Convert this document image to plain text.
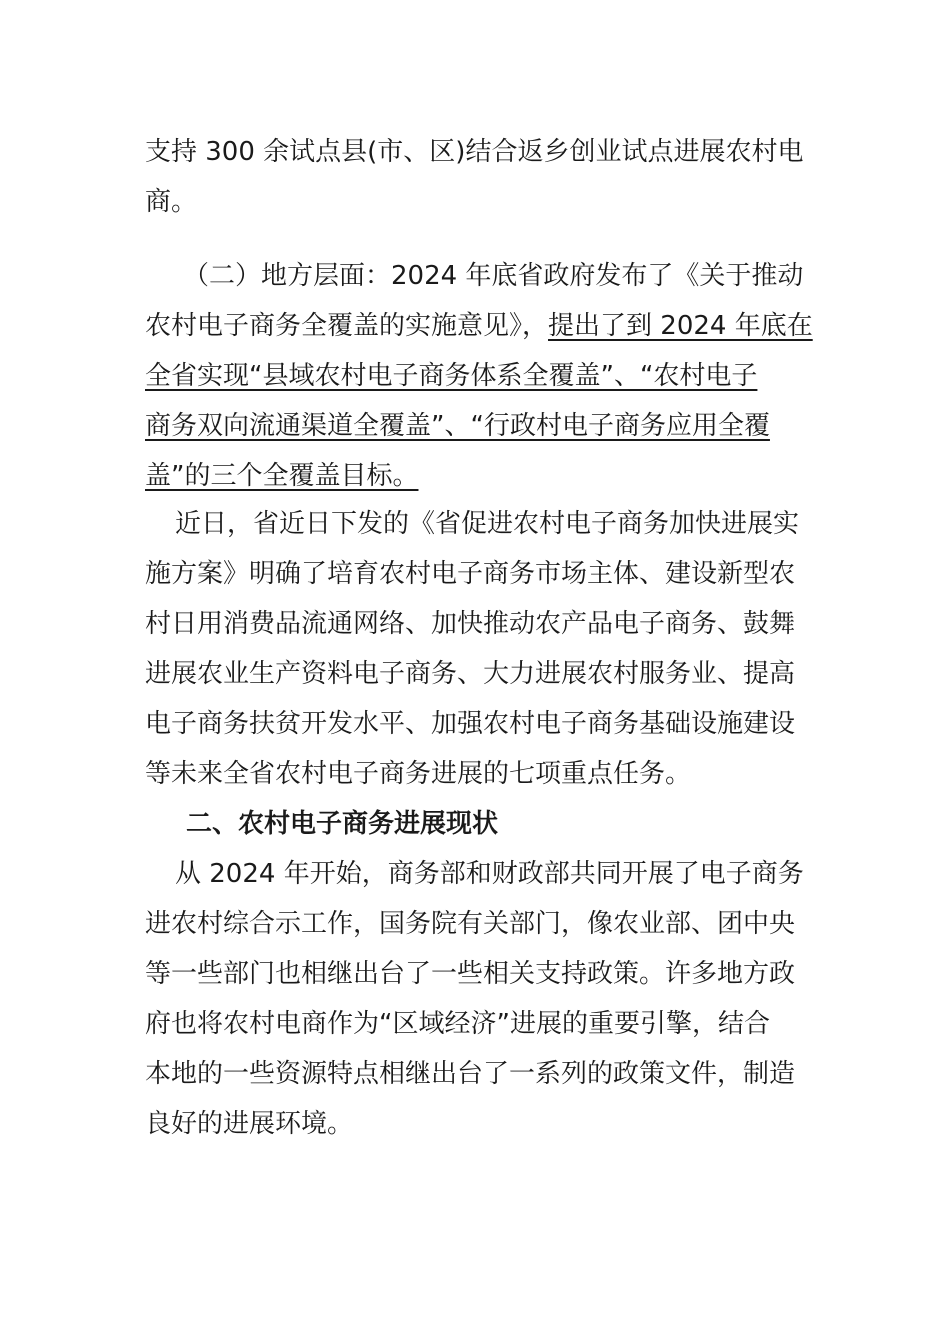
支持 300 余试点县(市、区)结合返乡创业试点进展农村电
商。
（二）地方层面：2024 年底省政府发布了《关于推动
农村电子商务全覆盖的实施意见》，提出了到 2024 年底在
全省实现“县域农村电子商务体系全覆盖”、“农村电子
商务双向流通渠道全覆盖”、“行政村电子商务应用全覆
盖”的三个全覆盖目标。
近日，省近日下发的《省促进农村电子商务加快进展实
施方案》明确了培育农村电子商务市场主体、建设新型农
村日用消费品流通网络、加快推动农产品电子商务、鼓舞
进展农业生产资料电子商务、大力进展农村服务业、提高
电子商务扶贫开发水平、加强农村电子商务基础设施建设
等未来全省农村电子商务进展的七项重点任务。
二、农村电子商务进展现状
从 2024 年开始，商务部和财政部共同开展了电子商务
进农村综合示工作，国务院有关部门，像农业部、团中央
等一些部门也相继出台了一些相关支持政策。许多地方政
府也将农村电商作为“区域经济”进展的重要引擎，结合
本地的一些资源特点相继出台了一系列的政策文件，制造
良好的进展环境。
